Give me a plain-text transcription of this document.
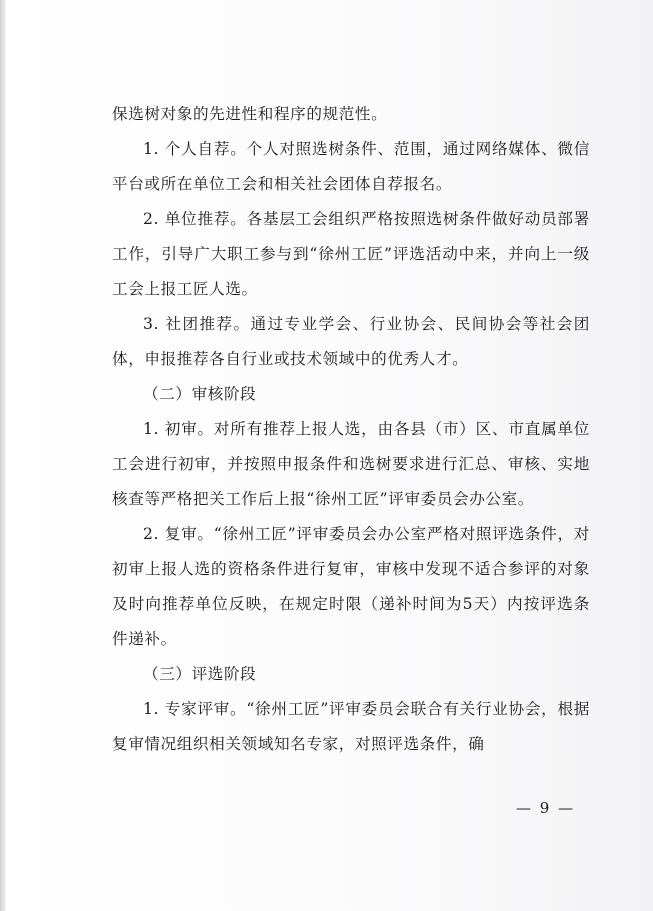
保选树对象的先进性和程序的规范性。

1. 个人自荐。个人对照选树条件、范围，通过网络媒体、微信平台或所在单位工会和相关社会团体自荐报名。

2. 单位推荐。各基层工会组织严格按照选树条件做好动员部署工作，引导广大职工参与到“徐州工匠”评选活动中来，并向上一级工会上报工匠人选。

3. 社团推荐。通过专业学会、行业协会、民间协会等社会团体，申报推荐各自行业或技术领域中的优秀人才。

（二）审核阶段

1. 初审。对所有推荐上报人选，由各县（市）区、市直属单位工会进行初审，并按照申报条件和选树要求进行汇总、审核、实地核查等严格把关工作后上报“徐州工匠”评审委员会办公室。

2. 复审。“徐州工匠”评审委员会办公室严格对照评选条件，对初审上报人选的资格条件进行复审，审核中发现不适合参评的对象及时向推荐单位反映，在规定时限（递补时间为5天）内按评选条件递补。

（三）评选阶段

1. 专家评审。“徐州工匠”评审委员会联合有关行业协会，根据复审情况组织相关领域知名专家，对照评选条件，确

— 9 —
